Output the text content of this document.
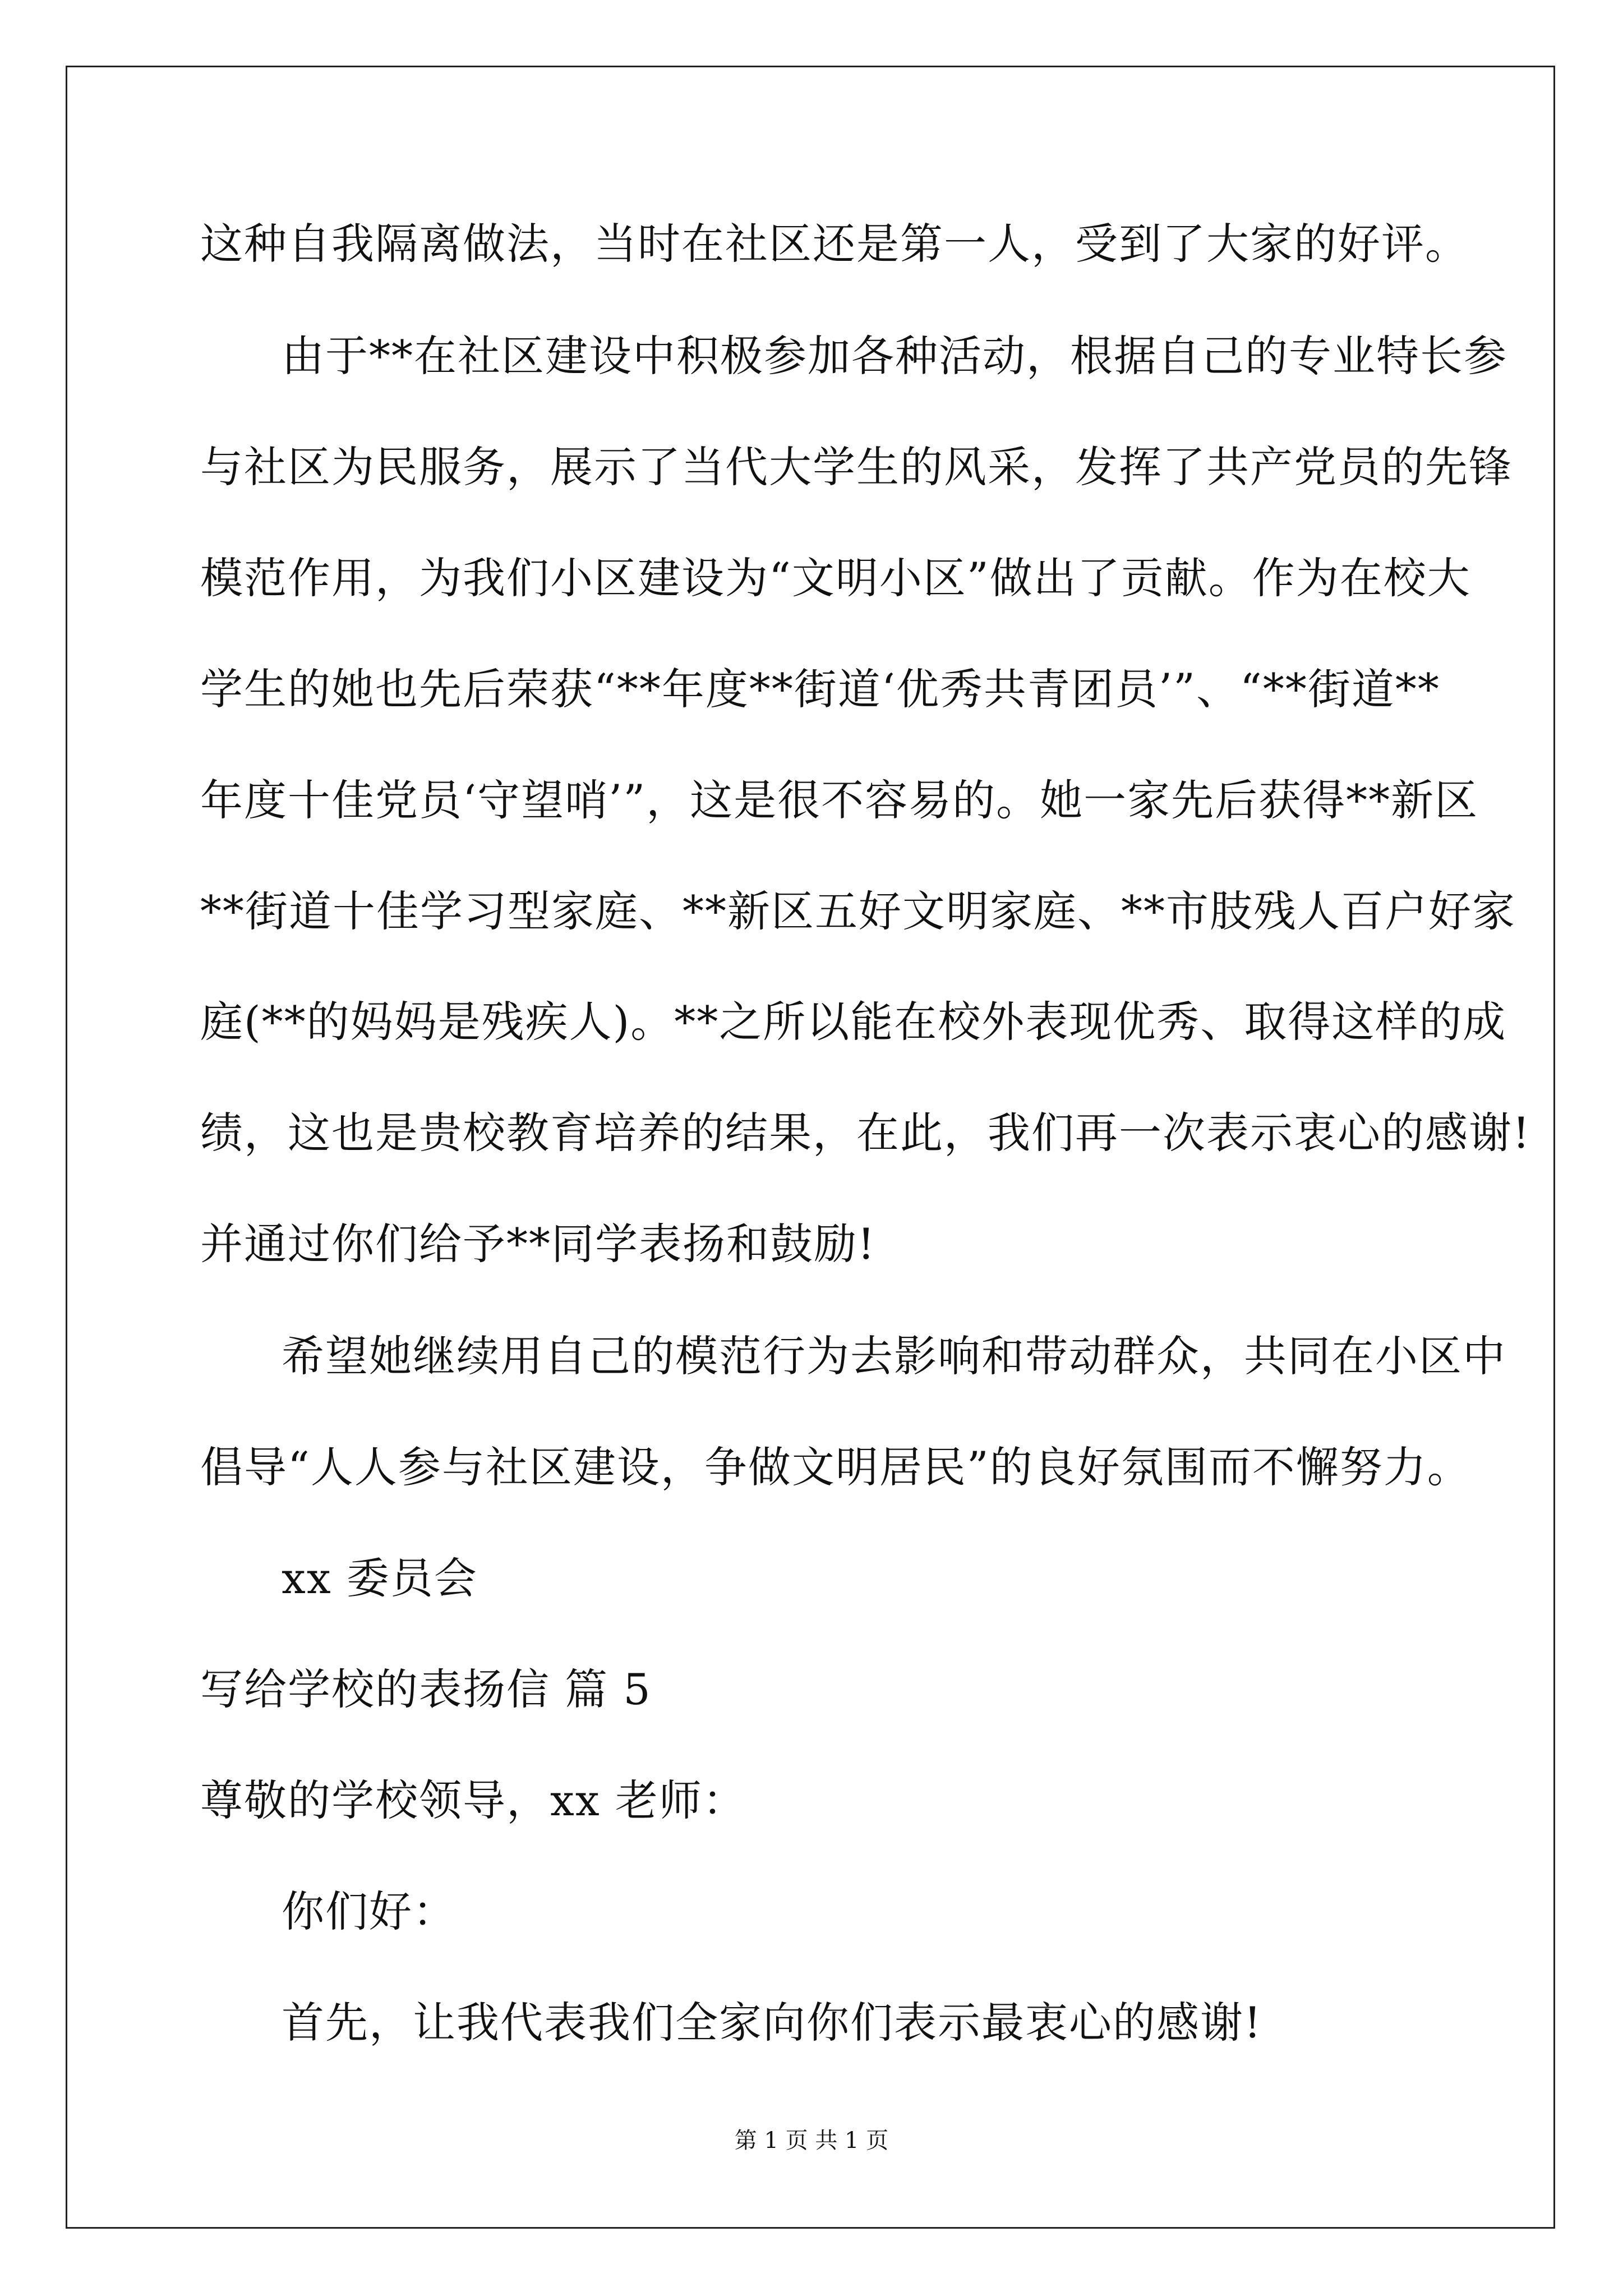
这种自我隔离做法，当时在社区还是第一人，受到了大家的好评。
由于**在社区建设中积极参加各种活动，根据自己的专业特长参
与社区为民服务，展示了当代大学生的风采，发挥了共产党员的先锋
模范作用，为我们小区建设为“文明小区”做出了贡献。作为在校大
学生的她也先后荣获“**年度**街道‘优秀共青团员’”、“**街道**
年度十佳党员‘守望哨’”，这是很不容易的。她一家先后获得**新区
**街道十佳学习型家庭、**新区五好文明家庭、**市肢残人百户好家
庭(**的妈妈是残疾人)。**之所以能在校外表现优秀、取得这样的成
绩，这也是贵校教育培养的结果，在此，我们再一次表示衷心的感谢!
并通过你们给予**同学表扬和鼓励!
希望她继续用自己的模范行为去影响和带动群众，共同在小区中
倡导“人人参与社区建设，争做文明居民”的良好氛围而不懈努力。
xx 委员会
写给学校的表扬信 篇 5
尊敬的学校领导，xx 老师：
你们好：
首先，让我代表我们全家向你们表示最衷心的感谢!
第 1 页 共 1 页
